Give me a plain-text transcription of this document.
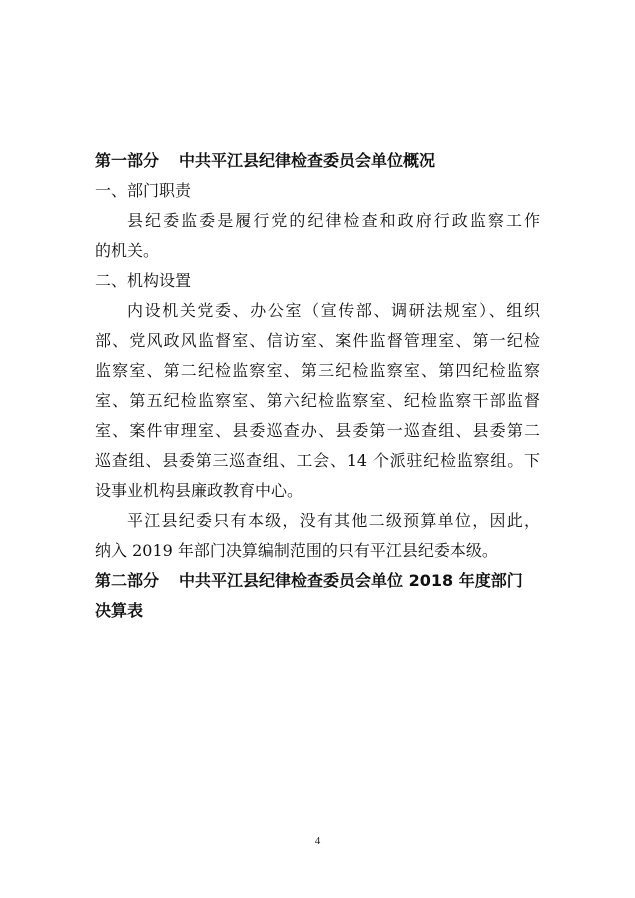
第一部分 中共平江县纪律检查委员会单位概况

一、部门职责

县纪委监委是履行党的纪律检查和政府行政监察工作

的机关。

二、机构设置

内设机关党委、办公室（宣传部、调研法规室）、组织

部、党风政风监督室、信访室、案件监督管理室、第一纪检

监察室、第二纪检监察室、第三纪检监察室、第四纪检监察

室、第五纪检监察室、第六纪检监察室、纪检监察干部监督

室、案件审理室、县委巡查办、县委第一巡查组、县委第二

巡查组、县委第三巡查组、工会、14 个派驻纪检监察组。下

设事业机构县廉政教育中心。

平江县纪委只有本级，没有其他二级预算单位，因此，

纳入 2019 年部门决算编制范围的只有平江县纪委本级。

第二部分 中共平江县纪律检查委员会单位 2018 年度部门

决算表

4
